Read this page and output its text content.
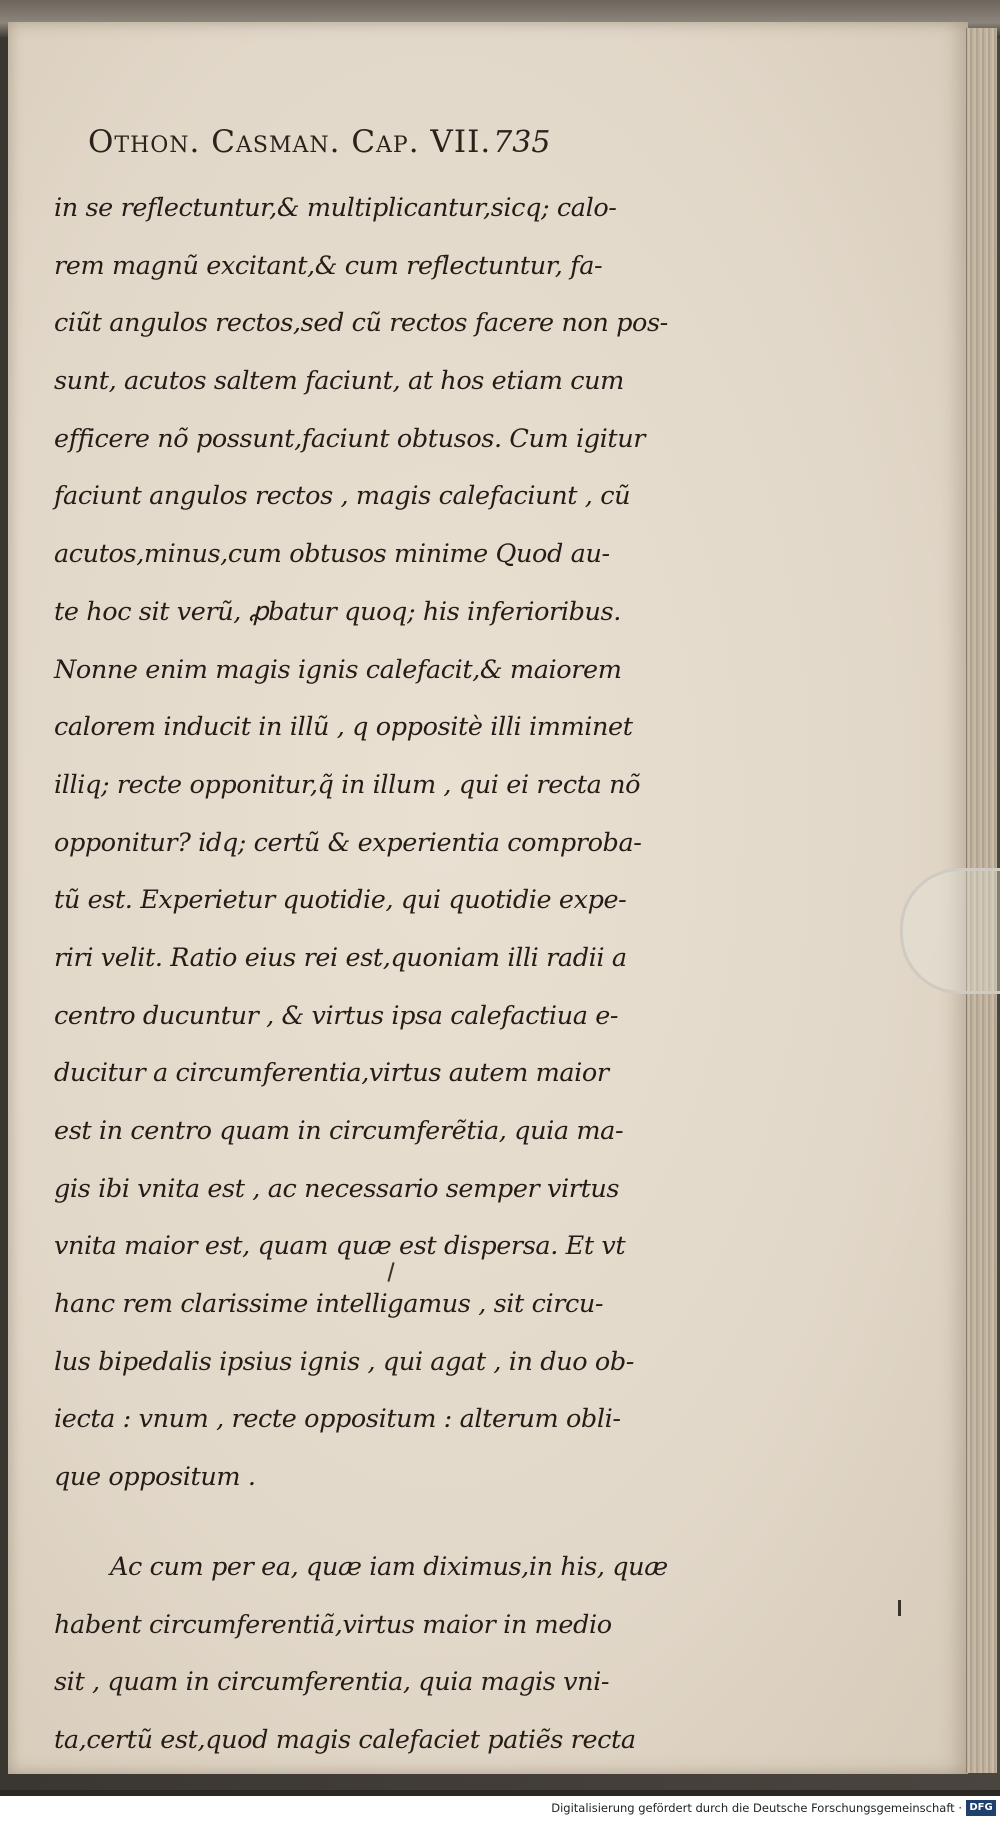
Othon. Casman. Cap. VII.735
in se reflectuntur,& multiplicantur,sicq; calo-
rem magnũ excitant,& cum reflectuntur, fa-
ciũt angulos rectos,sed cũ rectos facere non pos-
sunt, acutos saltem faciunt, at hos etiam cum
efficere nõ possunt,faciunt obtusos. Cum igitur
faciunt angulos rectos , magis calefaciunt , cũ
acutos,minus,cum obtusos minime Quod au-
te hoc sit verũ, ꝓbatur quoq; his inferioribus.
Nonne enim magis ignis calefacit,& maiorem
calorem inducit in illũ , q oppositè illi imminet
illiq; recte opponitur,q̃ in illum , qui ei recta nõ
opponitur? idq; certũ & experientia comproba-
tũ est. Experietur quotidie, qui quotidie expe-
riri velit. Ratio eius rei est,quoniam illi radii a
centro ducuntur , & virtus ipsa calefactiua e-
ducitur a circumferentia,virtus autem maior
est in centro quam in circumferẽtia, quia ma-
gis ibi vnita est , ac necessario semper virtus
vnita maior est, quam quæ est dispersa. Et vt
hanc rem clarissime intelligamus , sit circu-
lus bipedalis ipsius ignis , qui agat , in duo ob-
iecta : vnum , recte oppositum : alterum obli-
que oppositum .
Ac cum per ea, quæ iam diximus,in his, quæ
habent circumferentiã,virtus maior in medio
sit , quam in circumferentia, quia magis vni-
ta,certũ est,quod magis calefaciet patiẽs recta
Digitalisierung gefördert durch die Deutsche Forschungsgemeinschaft · DFG
